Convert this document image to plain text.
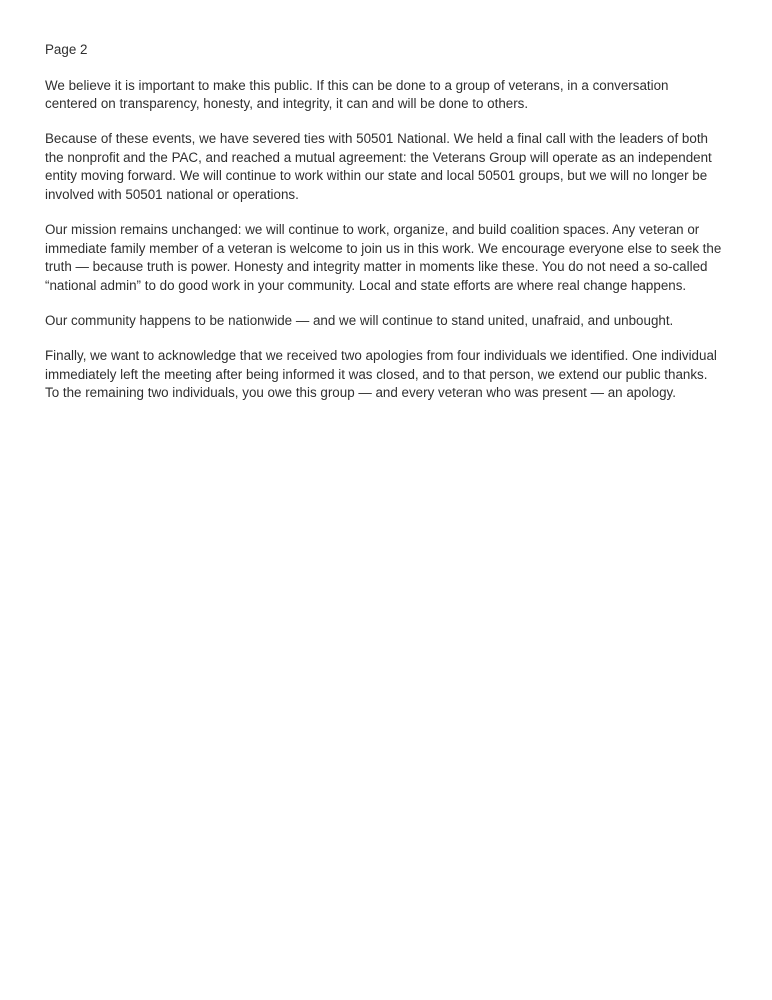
Page 2

We believe it is important to make this public. If this can be done to a group of veterans, in a conversation centered on transparency, honesty, and integrity, it can and will be done to others.

Because of these events, we have severed ties with 50501 National. We held a final call with the leaders of both the nonprofit and the PAC, and reached a mutual agreement: the Veterans Group will operate as an independent entity moving forward. We will continue to work within our state and local 50501 groups, but we will no longer be involved with 50501 national or operations.

Our mission remains unchanged: we will continue to work, organize, and build coalition spaces. Any veteran or immediate family member of a veteran is welcome to join us in this work. We encourage everyone else to seek the truth — because truth is power. Honesty and integrity matter in moments like these. You do not need a so-called “national admin” to do good work in your community. Local and state efforts are where real change happens.

Our community happens to be nationwide — and we will continue to stand united, unafraid, and unbought.

Finally, we want to acknowledge that we received two apologies from four individuals we identified. One individual immediately left the meeting after being informed it was closed, and to that person, we extend our public thanks. To the remaining two individuals, you owe this group — and every veteran who was present — an apology.
